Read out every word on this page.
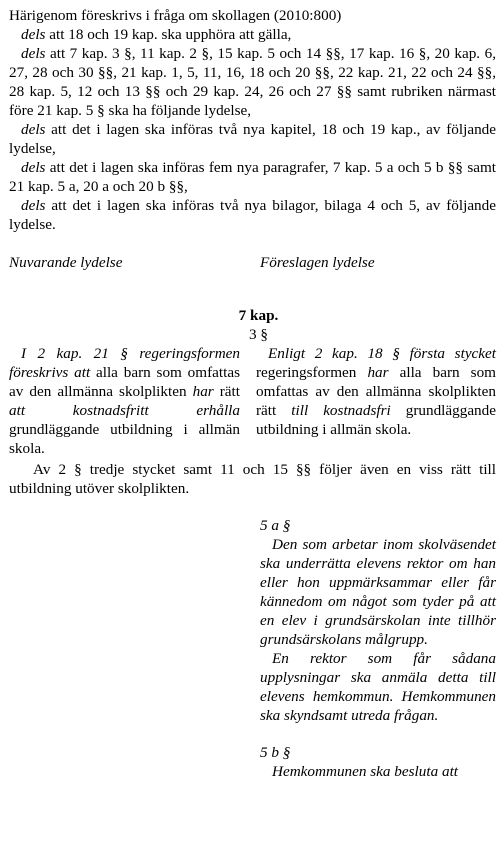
Härigenom föreskrivs i fråga om skollagen (2010:800)

dels att 18 och 19 kap. ska upphöra att gälla,

dels att 7 kap. 3 §, 11 kap. 2 §, 15 kap. 5 och 14 §§, 17 kap. 16 §, 20 kap. 6, 27, 28 och 30 §§, 21 kap. 1, 5, 11, 16, 18 och 20 §§, 22 kap. 21, 22 och 24 §§, 28 kap. 5, 12 och 13 §§ och 29 kap. 24, 26 och 27 §§ samt rubriken närmast före 21 kap. 5 § ska ha följande lydelse,

dels att det i lagen ska införas två nya kapitel, 18 och 19 kap., av följande lydelse,

dels att det i lagen ska införas fem nya paragrafer, 7 kap. 5 a och 5 b §§ samt 21 kap. 5 a, 20 a och 20 b §§,

dels att det i lagen ska införas två nya bilagor, bilaga 4 och 5, av följande lydelse.

Nuvarande lydelse	Föreslagen lydelse

7 kap.

3 §

I 2 kap. 21 § regeringsformen föreskrivs att alla barn som omfattas av den allmänna skolplikten har rätt att kostnadsfritt erhålla grundläggande utbildning i allmän skola.

Enligt 2 kap. 18 § första stycket regeringsformen har alla barn som omfattas av den allmänna skolplikten rätt till kostnadsfri grundläggande utbildning i allmän skola.

Av 2 § tredje stycket samt 11 och 15 §§ följer även en viss rätt till utbildning utöver skolplikten.

5 a §

Den som arbetar inom skolväsendet ska underrätta elevens rektor om han eller hon uppmärksammar eller får kännedom om något som tyder på att en elev i grundsärskolan inte tillhör grundsärskolans målgrupp.

En rektor som får sådana upplysningar ska anmäla detta till elevens hemkommun. Hemkommunen ska skyndsamt utreda frågan.

5 b §

Hemkommunen ska besluta att
